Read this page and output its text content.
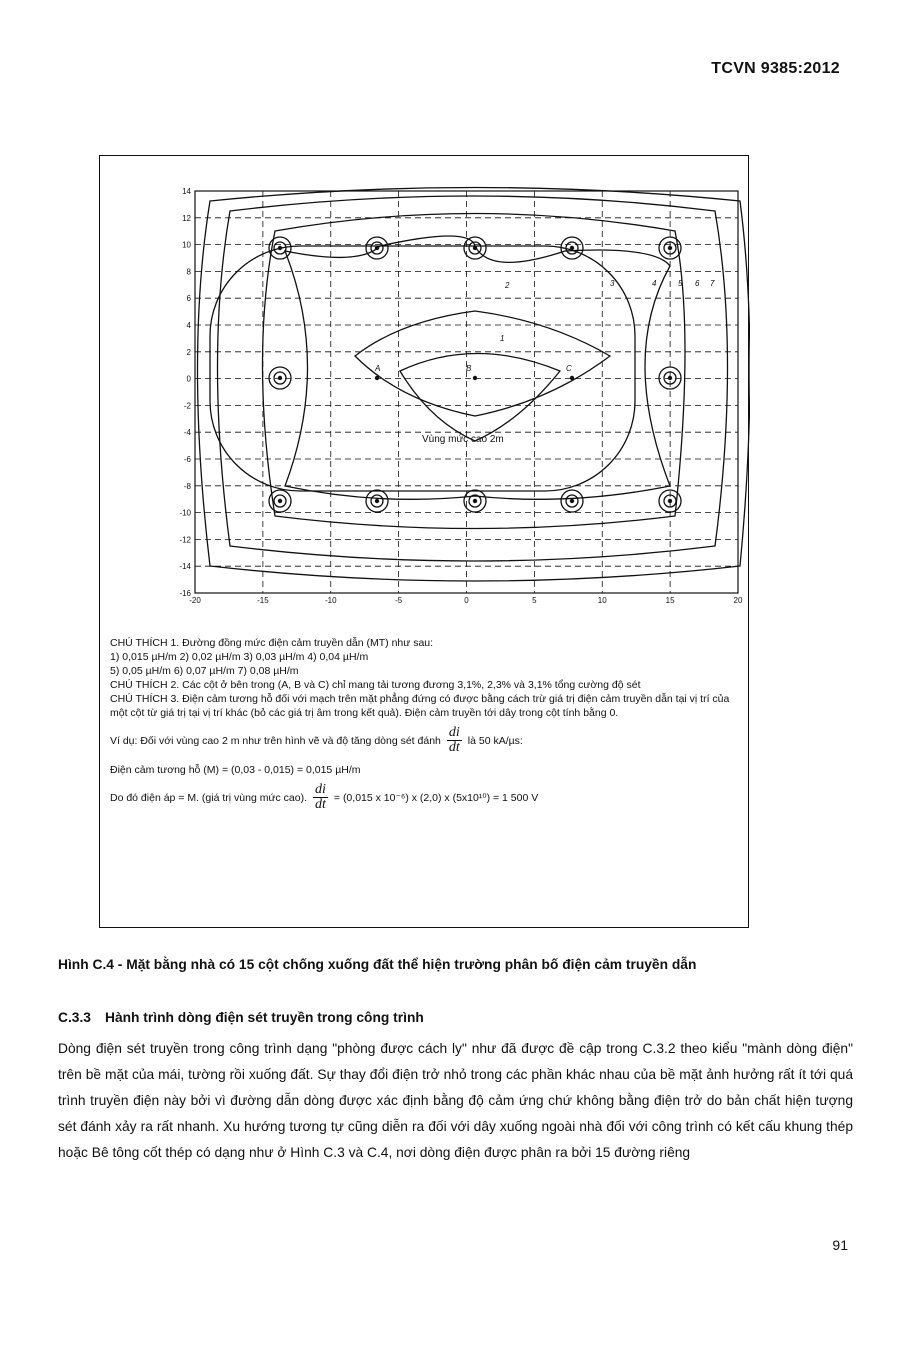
TCVN 9385:2012
A	B	C
1
2	3	4	5 6 7
Vùng mức cao 2m
14
12
10
8
6
4
2
0
-2
-4
-6
-8
-10
-12
-14
-16
-20	-15	-10	-5	0	5	10	15	20
CHÚ THÍCH 1. Đường đồng mức điện cảm truyền dẫn (MT) như sau:
1) 0,015 µH/m 2) 0,02 µH/m 3) 0,03 µH/m 4) 0,04 µH/m
5) 0,05 µH/m 6) 0,07 µH/m 7) 0,08 µH/m

CHÚ THÍCH 2. Các cột ở bên trong (A, B và C) chỉ mang tải tương đương 3,1%, 2,3% và 3,1% tổng cường độ sét

CHÚ THÍCH 3. Điện cảm tương hỗ đối với mạch trên mặt phẳng đứng có được bằng cách trừ giá trị điện cảm truyền dẫn tại vị trí của một cột từ giá trị tại vị trí khác (bỏ các giá trị âm trong kết quả). Điện cảm truyền tới dây trong cột tính bằng 0.

Ví dụ: Đối với vùng cao 2 m như trên hình vẽ và độ tăng dòng sét đánh $\frac{di}{dt}$ là 50 kA/µs:
Điện cảm tương hỗ (M) = (0,03 - 0,015) = 0,015 µH/m
Do đó điện áp = M. (giá trị vùng mức cao). $\frac{di}{dt} = (0,015$ x 10⁻⁶) x (2,0) x (5x10¹⁰) = 1 500 V
Hình C.4 - Mặt bằng nhà có 15 cột chống xuống đất thể hiện trường phân bố điện cảm truyền dẫn
C.3.3 Hành trình dòng điện sét truyền trong công trình

Dòng điện sét truyền trong công trình dạng "phòng được cách ly" như đã được đề cập trong C.3.2 theo kiểu "mành dòng điện" trên bề mặt của mái, tường rồi xuống đất. Sự thay đổi điện trở nhỏ trong các phần khác nhau của bề mặt ảnh hưởng rất ít tới quá trình truyền điện này bởi vì đường dẫn dòng được xác định bằng độ cảm ứng chứ không bằng điện trở do bản chất hiện tượng sét đánh xảy ra rất nhanh. Xu hướng tương tự cũng diễn ra đối với dây xuống ngoài nhà đối với công trình có kết cấu khung thép hoặc Bê tông cốt thép có dạng như ở Hình C.3 và C.4, nơi dòng điện được phân ra bởi 15 đường riêng

91
